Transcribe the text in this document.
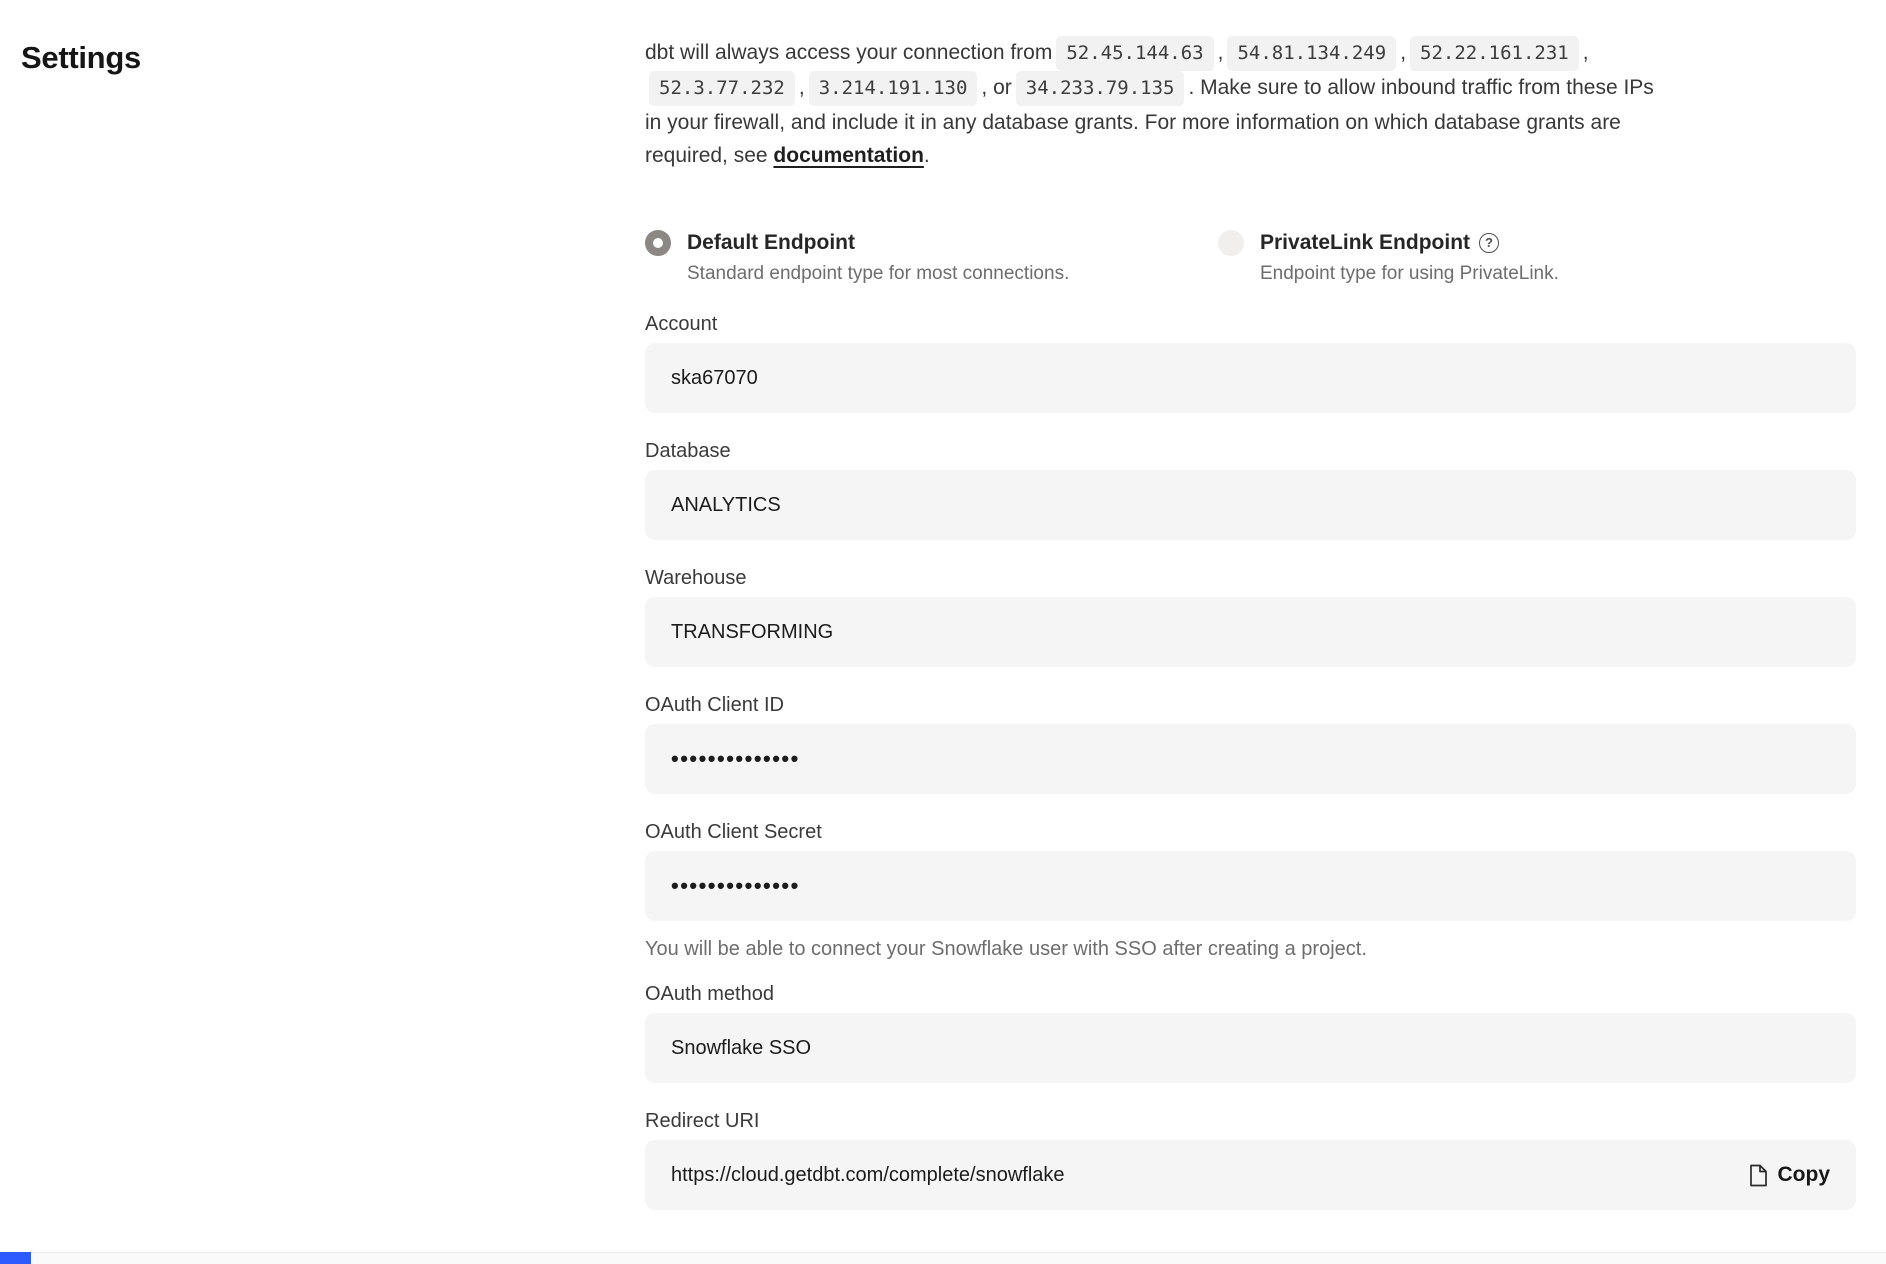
Settings	dbt will always access your connection from 52.45.144.63 , 54.81.134.249 , 52.22.161.231 ,
52.3.77.232 , 3.214.191.130 , or 34.233.79.135 . Make sure to allow inbound traffic from these IPs
in your firewall, and include it in any database grants. For more information on which database grants are
required, see documentation.

Default Endpoint
Standard endpoint type for most connections.
PrivateLink Endpoint	?
Endpoint type for using PrivateLink.
Account
ska67070
Database
ANALYTICS
Warehouse
TRANSFORMING
OAuth Client ID
••••••••••••••
OAuth Client Secret
••••••••••••••
You will be able to connect your Snowflake user with SSO after creating a project.
OAuth method
Snowflake SSO
Redirect URI
https://cloud.getdbt.com/complete/snowflake	Copy
